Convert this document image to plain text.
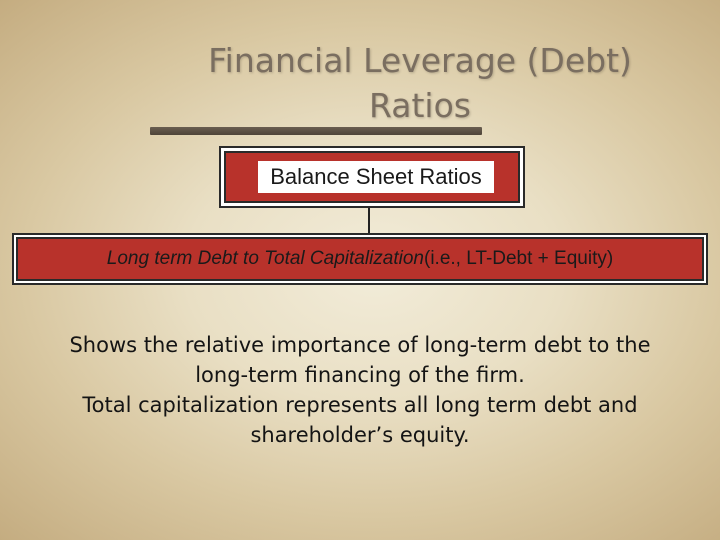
Financial Leverage (Debt)
Ratios
Balance Sheet Ratios
Long term Debt to Total Capitalization(i.e., LT-Debt + Equity)
Shows the relative importance of long-term debt to the
long-term financing of the firm.
Total capitalization represents all long term debt and
shareholder’s equity.
